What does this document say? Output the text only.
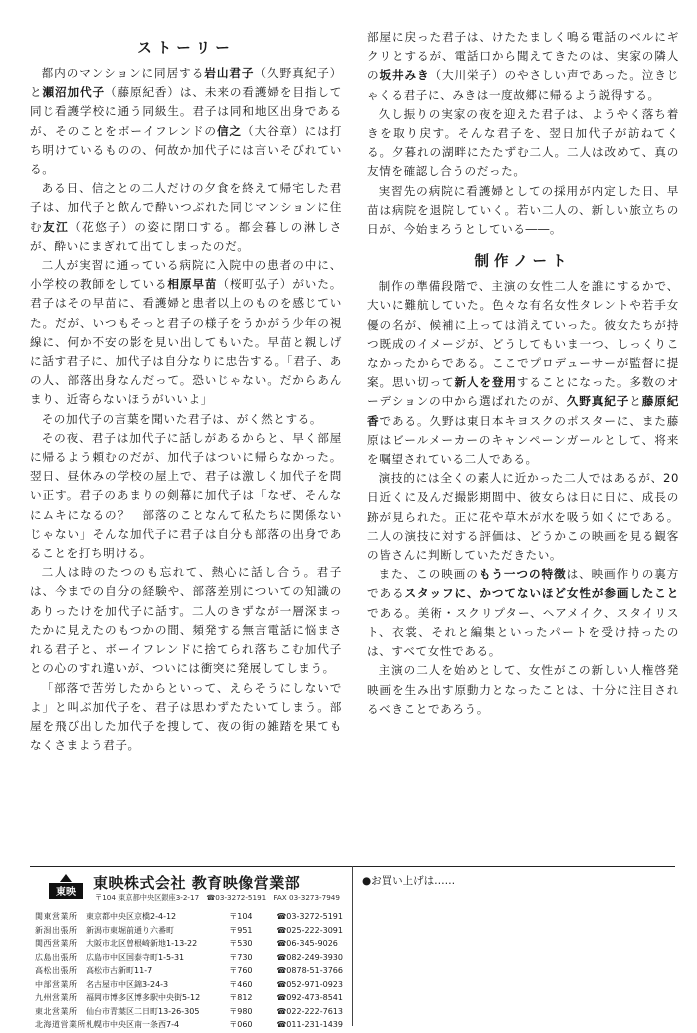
ストーリー

都内のマンションに同居する岩山君子（久野真紀子）と瀬沼加代子（藤原紀香）は、未来の看護婦を目指して同じ看護学校に通う同級生。君子は同和地区出身であるが、そのことをボーイフレンドの信之（大谷章）には打ち明けているものの、何故か加代子には言いそびれている。

ある日、信之との二人だけの夕食を終えて帰宅した君子は、加代子と飲んで酔いつぶれた同じマンションに住む友江（花悠子）の姿に閉口する。都会暮しの淋しさが、酔いにまぎれて出てしまったのだ。

二人が実習に通っている病院に入院中の患者の中に、小学校の教師をしている相原早苗（桜町弘子）がいた。君子はその早苗に、看護婦と患者以上のものを感じていた。だが、いつもそっと君子の様子をうかがう少年の視線に、何か不安の影を見い出してもいた。早苗と親しげに話す君子に、加代子は自分なりに忠告する。「君子、あの人、部落出身なんだって。恐いじゃない。だからあんまり、近寄らないほうがいいよ」

その加代子の言葉を聞いた君子は、がく然とする。

その夜、君子は加代子に話しがあるからと、早く部屋に帰るよう頼むのだが、加代子はついに帰らなかった。翌日、昼休みの学校の屋上で、君子は激しく加代子を問い正す。君子のあまりの剣幕に加代子は「なぜ、そんなにムキになるの？　部落のことなんて私たちに関係ないじゃない」そんな加代子に君子は自分も部落の出身であることを打ち明ける。

二人は時のたつのも忘れて、熱心に話し合う。君子は、今までの自分の経験や、部落差別についての知識のありったけを加代子に話す。二人のきずなが一層深まったかに見えたのもつかの間、頻発する無言電話に悩まされる君子と、ボーイフレンドに捨てられ落ちこむ加代子との心のすれ違いが、ついには衝突に発展してしまう。

「部落で苦労したからといって、えらそうにしないでよ」と叫ぶ加代子を、君子は思わずたたいてしまう。部屋を飛び出した加代子を捜して、夜の街の雑踏を果てもなくさまよう君子。

部屋に戻った君子は、けたたましく鳴る電話のベルにギクリとするが、電話口から聞えてきたのは、実家の隣人の坂井みき（大川栄子）のやさしい声であった。泣きじゃくる君子に、みきは一度故郷に帰るよう説得する。

久し振りの実家の夜を迎えた君子は、ようやく落ち着きを取り戻す。そんな君子を、翌日加代子が訪ねてくる。夕暮れの湖畔にたたずむ二人。二人は改めて、真の友情を確認し合うのだった。

実習先の病院に看護婦としての採用が内定した日、早苗は病院を退院していく。若い二人の、新しい旅立ちの日が、今始まろうとしている――。

制作ノート

制作の準備段階で、主演の女性二人を誰にするかで、大いに難航していた。色々な有名女性タレントや若手女優の名が、候補に上っては消えていった。彼女たちが持つ既成のイメージが、どうしてもいま一つ、しっくりこなかったからである。ここでプロデューサーが監督に提案。思い切って新人を登用することになった。多数のオーデションの中から選ばれたのが、久野真紀子と藤原紀香である。久野は東日本キヨスクのポスターに、また藤原はビールメーカーのキャンペーンガールとして、将来を嘱望されている二人である。

演技的には全くの素人に近かった二人ではあるが、20日近くに及んだ撮影期間中、彼女らは日に日に、成長の跡が見られた。正に花や草木が水を吸う如くにである。二人の演技に対する評価は、どうかこの映画を見る観客の皆さんに判断していただきたい。

また、この映画のもう一つの特徴は、映画作りの裏方であるスタッフに、かつてないほど女性が参画したことである。美術・スクリプター、ヘアメイク、スタイリスト、衣裳、それと編集といったパートを受け持ったのは、すべて女性である。

主演の二人を始めとして、女性がこの新しい人権啓発映画を生み出す原動力となったことは、十分に注目されるべきことであろう。

東映
東映株式会社 教育映像営業部
〒104 東京都中央区銀座3-2-17　☎03-3272-5191　FAX 03-3273-7949
関東営業所	東京都中央区京橋2-4-12	〒104	☎03-3272-5191
新潟出張所	新潟市東堀前通り六番町	〒951	☎025-222-3091
関西営業所	大阪市北区曽根崎新地1-13-22	〒530	☎06-345-9026
広島出張所	広島市中区国泰寺町1-5-31	〒730	☎082-249-3930
高松出張所	高松市古新町11-7	〒760	☎0878-51-3766
中部営業所	名古屋市中区錦3-24-3	〒460	☎052-971-0923
九州営業所	福岡市博多区博多駅中央街5-12	〒812	☎092-473-8541
東北営業所	仙台市青葉区二日町13-26-305	〒980	☎022-222-7613
北海道営業所 札幌市中央区南一条西7-4	〒060	☎011-231-1439
●お買い上げは……
